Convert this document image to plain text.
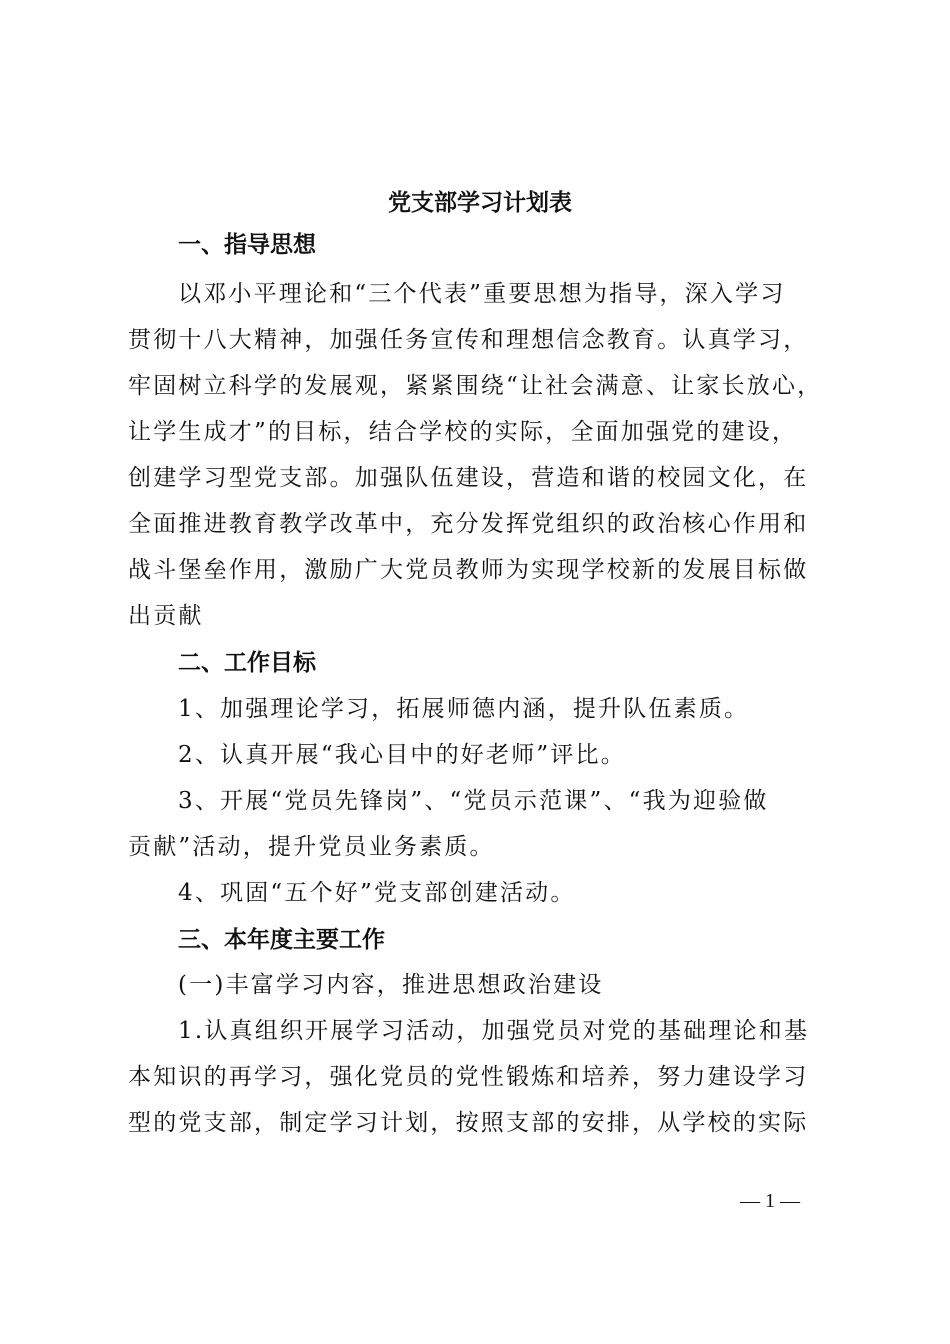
党支部学习计划表
一、指导思想
以邓小平理论和“三个代表”重要思想为指导，深入学习
贯彻十八大精神，加强任务宣传和理想信念教育。认真学习，
牢固树立科学的发展观，紧紧围绕“让社会满意、让家长放心，
让学生成才”的目标，结合学校的实际，全面加强党的建设，
创建学习型党支部。加强队伍建设，营造和谐的校园文化，在
全面推进教育教学改革中，充分发挥党组织的政治核心作用和
战斗堡垒作用，激励广大党员教师为实现学校新的发展目标做
出贡献
二、工作目标
1、加强理论学习，拓展师德内涵，提升队伍素质。
2、认真开展“我心目中的好老师”评比。
3、开展“党员先锋岗”、“党员示范课”、“我为迎验做
贡献”活动，提升党员业务素质。
4、巩固“五个好”党支部创建活动。
三、本年度主要工作
(一)丰富学习内容，推进思想政治建设
1.认真组织开展学习活动，加强党员对党的基础理论和基
本知识的再学习，强化党员的党性锻炼和培养，努力建设学习
型的党支部，制定学习计划，按照支部的安排，从学校的实际
— 1 —
